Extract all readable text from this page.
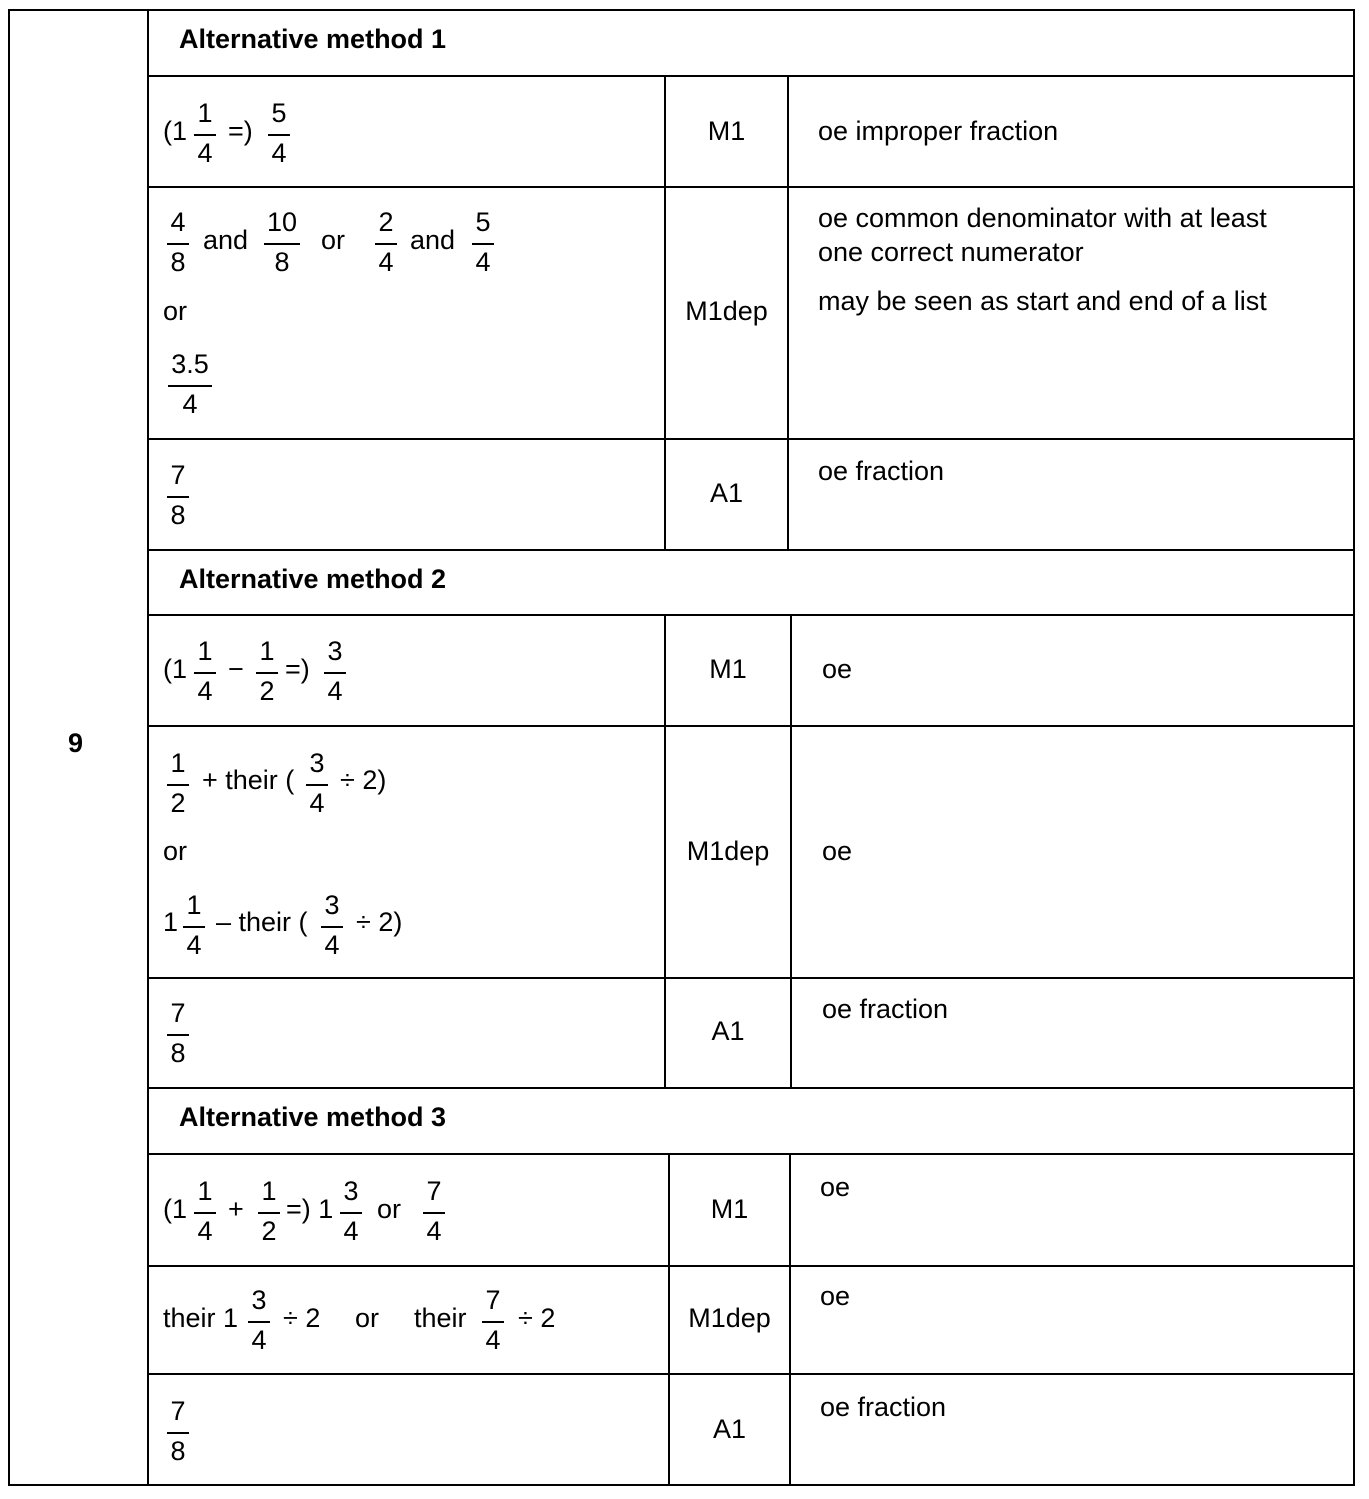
9
Alternative method 1
Alternative method 2
Alternative method 3
M1
M1dep
A1
M1
M1dep
A1
M1
M1dep
A1
oe improper fraction
oe common denominator with at least
one correct numerator
may be seen as start and end of a list
oe fraction
oe
oe
oe fraction
oe
oe
oe fraction
(1
1
4
=)
5
4
4
8
and
10
8
or
2
4
and
5
4
or
3.5
4
7
8
(1
1
4
−
1
2
=)
3
4
1
2
+ their (
3
4
÷ 2)
or
1
1
4
– their (
3
4
÷ 2)
7
8
(1
1
4
+
1
2
=) 1
3
4
or
7
4
their 1
3
4
÷ 2 or their
7
4
÷ 2
7
8
